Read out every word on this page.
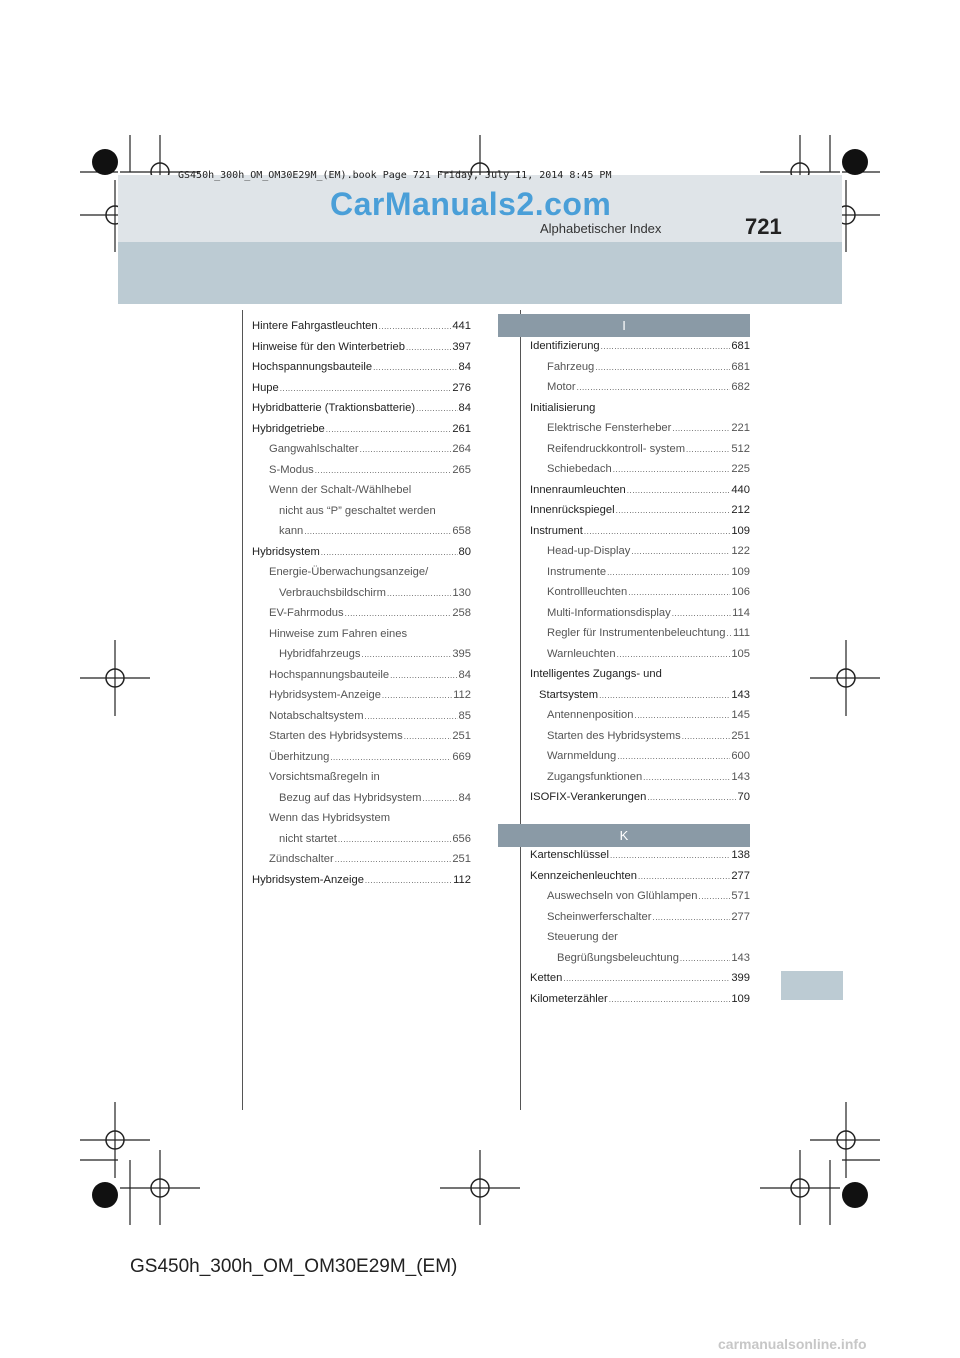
GS450h_300h_OM_OM30E29M_(EM).book Page 721 Friday, July 11, 2014 8:45 PM
CarManuals2.com
Alphabetischer Index	721
Hintere Fahrgastleuchten .....	441
Hinweise für den Winterbetrieb .....	397
Hochspannungsbauteile .....	84
Hupe .....	276
Hybridbatterie (Traktionsbatterie) .....	84
Hybridgetriebe .....	261
Gangwahlschalter .....	264
S-Modus .....	265
Wenn der Schalt-/Wählhebel
nicht aus “P” geschaltet werden
kann .....	658
Hybridsystem .....	80
Energie-Überwachungsanzeige/
Verbrauchsbildschirm .....	130
EV-Fahrmodus .....	258
Hinweise zum Fahren eines
Hybridfahrzeugs .....	395
Hochspannungsbauteile .....	84
Hybridsystem-Anzeige .....	112
Notabschaltsystem .....	85
Starten des Hybridsystems .....	251
Überhitzung .....	669
Vorsichtsmaßregeln in
Bezug auf das Hybridsystem .....	84
Wenn das Hybridsystem
nicht startet .....	656
Zündschalter .....	251
Hybridsystem-Anzeige .....	112
I
Identifizierung .....	681
Fahrzeug .....	681
Motor .....	682
Initialisierung
Elektrische Fensterheber .....	221
Reifendruckkontroll- system .....	512
Schiebedach .....	225
Innenraumleuchten .....	440
Innenrückspiegel .....	212
Instrument .....	109
Head-up-Display .....	122
Instrumente .....	109
Kontrollleuchten .....	106
Multi-Informationsdisplay .....	114
Regler für Instrumentenbeleuchtung ..... 111
Warnleuchten .....	105
Intelligentes Zugangs- und
Startsystem .....	143
Antennenposition .....	145
Starten des Hybridsystems .....	251
Warnmeldung .....	600
Zugangsfunktionen .....	143
ISOFIX-Verankerungen .....	70
K
Kartenschlüssel .....	138
Kennzeichenleuchten .....	277
Auswechseln von Glühlampen .....	571
Scheinwerferschalter .....	277
Steuerung der
Begrüßungsbeleuchtung .....	143
Ketten .....	399
Kilometerzähler .....	109
GS450h_300h_OM_OM30E29M_(EM)
carmanualsonline.info
